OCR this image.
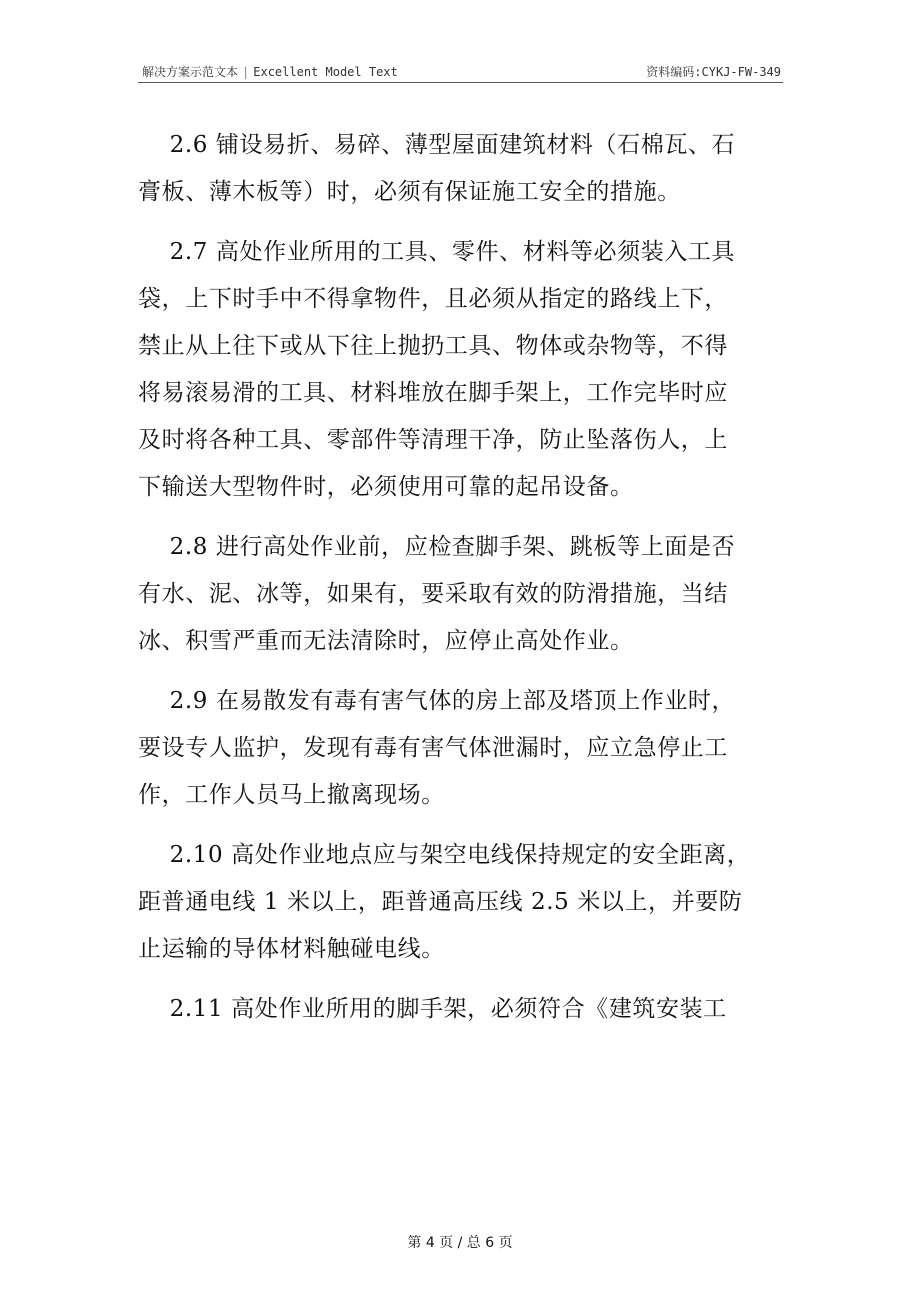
解决方案示范文本 | Excellent Model Text	资料编码:CYKJ-FW-349
2.6 铺设易折、易碎、薄型屋面建筑材料（石棉瓦、石
膏板、薄木板等）时，必须有保证施工安全的措施。
2.7 高处作业所用的工具、零件、材料等必须装入工具
袋，上下时手中不得拿物件，且必须从指定的路线上下，
禁止从上往下或从下往上抛扔工具、物体或杂物等，不得
将易滚易滑的工具、材料堆放在脚手架上，工作完毕时应
及时将各种工具、零部件等清理干净，防止坠落伤人，上
下输送大型物件时，必须使用可靠的起吊设备。
2.8 进行高处作业前，应检查脚手架、跳板等上面是否
有水、泥、冰等，如果有，要采取有效的防滑措施，当结
冰、积雪严重而无法清除时，应停止高处作业。
2.9 在易散发有毒有害气体的房上部及塔顶上作业时，
要设专人监护，发现有毒有害气体泄漏时，应立急停止工
作，工作人员马上撤离现场。
2.10 高处作业地点应与架空电线保持规定的安全距离，
距普通电线 1 米以上，距普通高压线 2.5 米以上，并要防
止运输的导体材料触碰电线。
2.11 高处作业所用的脚手架，必须符合《建筑安装工
第 4 页 / 总 6 页
